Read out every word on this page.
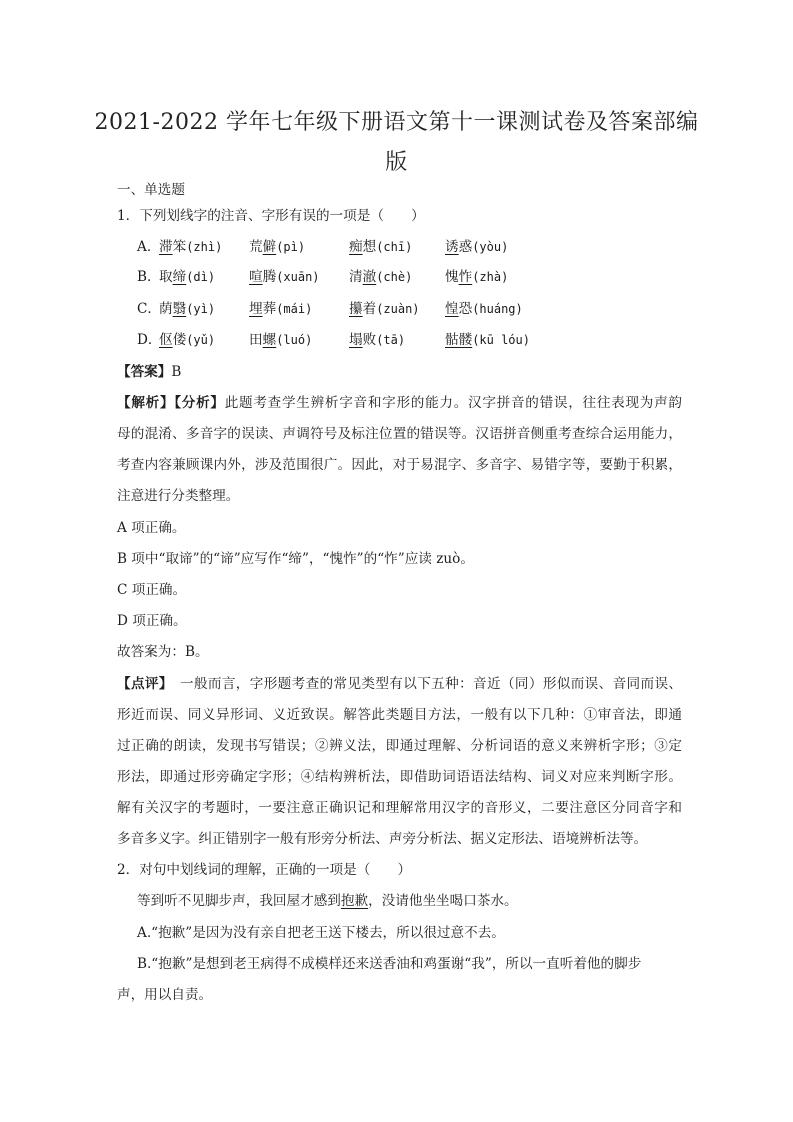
2021-2022 学年七年级下册语文第十一课测试卷及答案部编
版
一、单选题
1．下列划线字的注音、字形有误的一项是（　　）
A．
滞笨(zhì) 荒僻(pì)	痴想(chī) 诱惑(yòu)
B．
取缔(dì) 喧腾(xuān) 清澈(chè) 愧怍(zhà)
C．
荫翳(yì) 埋葬(mái)	攥着(zuàn) 惶恐(huáng)
D．
伛偻(yǔ) 田螺(luó)	塌败(tā)	骷髅(kū lóu)
【答案】B
【解析】【分析】此题考查学生辨析字音和字形的能力。汉字拼音的错误，往往表现为声韵
母的混淆、多音字的误读、声调符号及标注位置的错误等。汉语拼音侧重考查综合运用能力，
考查内容兼顾课内外，涉及范围很广。因此，对于易混字、多音字、易错字等，要勤于积累，
注意进行分类整理。
A 项正确。
B 项中“取谛”的“谛”应写作“缔”，“愧怍”的“怍”应读 zuò。
C 项正确。
D 项正确。
故答案为：B。
【点评】　一般而言，字形题考查的常见类型有以下五种：音近（同）形似而误、音同而误、
形近而误、同义异形词、义近致误。解答此类题目方法，一般有以下几种：①审音法，即通
过正确的朗读，发现书写错误；②辨义法，即通过理解、分析词语的意义来辨析字形；③定
形法，即通过形旁确定字形；④结构辨析法，即借助词语语法结构、词义对应来判断字形。
解有关汉字的考题时，一要注意正确识记和理解常用汉字的音形义，二要注意区分同音字和
多音多义字。纠正错别字一般有形旁分析法、声旁分析法、据义定形法、语境辨析法等。
2．对句中划线词的理解，正确的一项是（　　）
等到听不见脚步声，我回屋才感到抱歉，没请他坐坐喝口茶水。
A.“抱歉”是因为没有亲自把老王送下楼去，所以很过意不去。
B.“抱歉”是想到老王病得不成模样还来送香油和鸡蛋谢“我”，所以一直听着他的脚步
声，用以自责。
